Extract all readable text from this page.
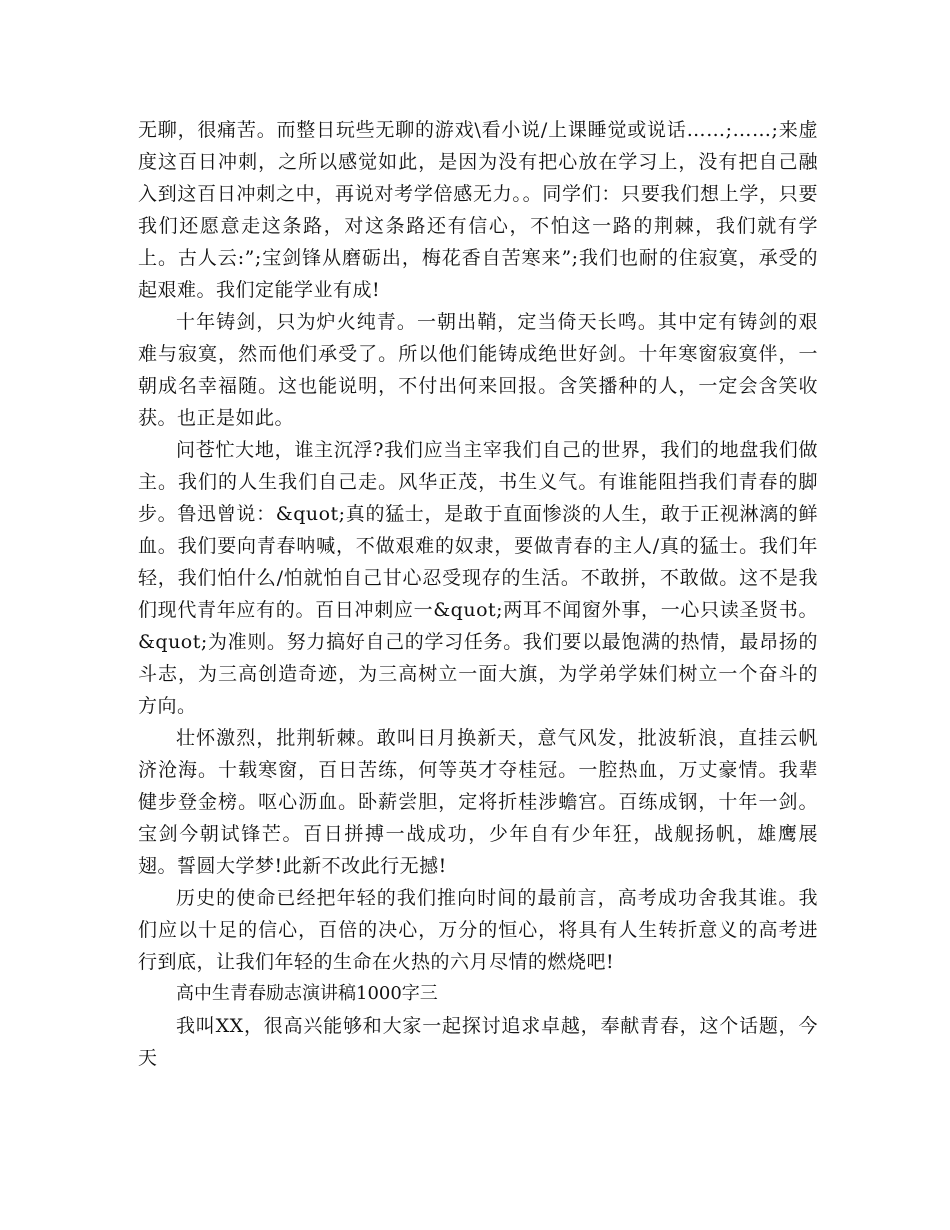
无聊，很痛苦。而整日玩些无聊的游戏\看小说/上课睡觉或说话……;……;来虚度这百日冲刺，之所以感觉如此，是因为没有把心放在学习上，没有把自己融入到这百日冲刺之中，再说对考学倍感无力。。同学们：只要我们想上学，只要我们还愿意走这条路，对这条路还有信心，不怕这一路的荆棘，我们就有学上。古人云:”;宝剑锋从磨砺出，梅花香自苦寒来”;我们也耐的住寂寞，承受的起艰难。我们定能学业有成!

十年铸剑，只为炉火纯青。一朝出鞘，定当倚天长鸣。其中定有铸剑的艰难与寂寞，然而他们承受了。所以他们能铸成绝世好剑。十年寒窗寂寞伴，一朝成名幸福随。这也能说明，不付出何来回报。含笑播种的人，一定会含笑收获。也正是如此。

问苍忙大地，谁主沉浮?我们应当主宰我们自己的世界，我们的地盘我们做主。我们的人生我们自己走。风华正茂，书生义气。有谁能阻挡我们青春的脚步。鲁迅曾说：&quot;真的猛士，是敢于直面惨淡的人生，敢于正视淋漓的鲜血。我们要向青春呐喊，不做艰难的奴隶，要做青春的主人/真的猛士。我们年轻，我们怕什么/怕就怕自己甘心忍受现存的生活。不敢拼，不敢做。这不是我们现代青年应有的。百日冲刺应一&quot;两耳不闻窗外事，一心只读圣贤书。&quot;为准则。努力搞好自己的学习任务。我们要以最饱满的热情，最昂扬的斗志，为三高创造奇迹，为三高树立一面大旗，为学弟学妹们树立一个奋斗的方向。

壮怀激烈，批荆斩棘。敢叫日月换新天，意气风发，批波斩浪，直挂云帆济沧海。十载寒窗，百日苦练，何等英才夺桂冠。一腔热血，万丈豪情。我辈健步登金榜。呕心沥血。卧薪尝胆，定将折桂涉蟾宫。百练成钢，十年一剑。宝剑今朝试锋芒。百日拼搏一战成功，少年自有少年狂，战舰扬帆，雄鹰展翅。誓圆大学梦!此新不改此行无撼!

历史的使命已经把年轻的我们推向时间的最前言，高考成功舍我其谁。我们应以十足的信心，百倍的决心，万分的恒心，将具有人生转折意义的高考进行到底，让我们年轻的生命在火热的六月尽情的燃烧吧!

高中生青春励志演讲稿1000字三

我叫XX，很高兴能够和大家一起探讨追求卓越，奉献青春，这个话题，今天
